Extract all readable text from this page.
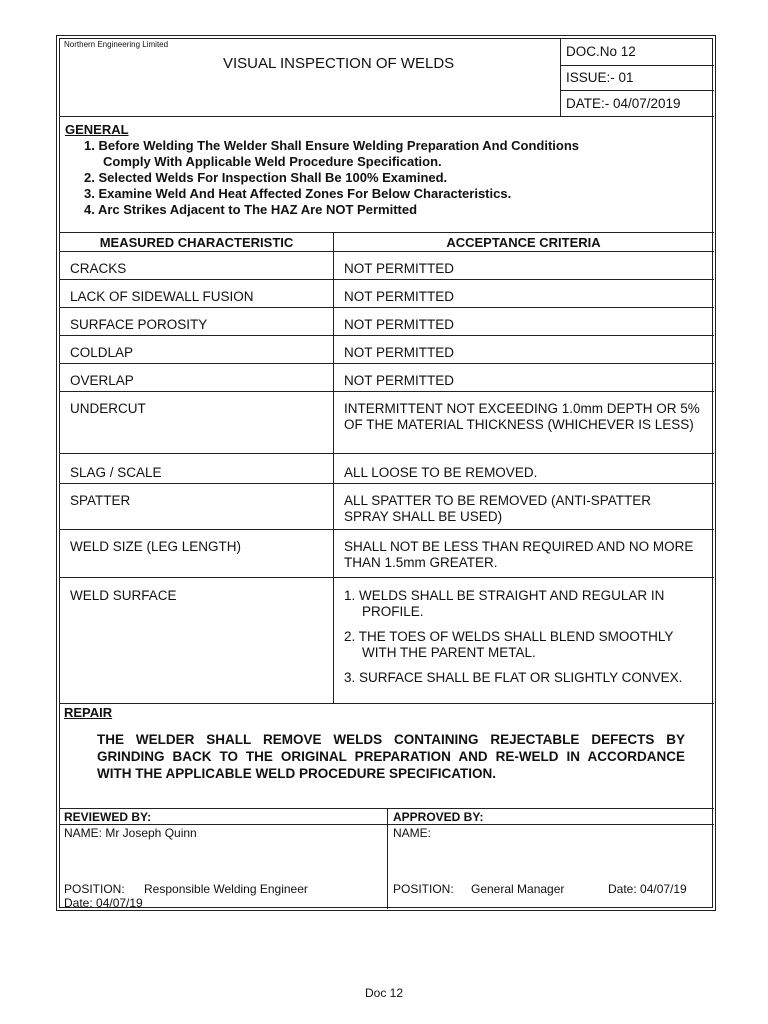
Northern Engineering Limited
VISUAL INSPECTION OF WELDS
DOC.No 12
ISSUE:- 01
DATE:- 04/07/2019
GENERAL
1. Before Welding The Welder Shall Ensure Welding Preparation And Conditions
Comply With Applicable Weld Procedure Specification.
2. Selected Welds For Inspection Shall Be 100% Examined.
3. Examine Weld And Heat Affected Zones For Below Characteristics.
4. Arc Strikes Adjacent to The HAZ Are NOT Permitted
MEASURED CHARACTERISTIC	ACCEPTANCE CRITERIA
CRACKS	NOT PERMITTED
LACK OF SIDEWALL FUSION	NOT PERMITTED
SURFACE POROSITY	NOT PERMITTED
COLDLAP	NOT PERMITTED
OVERLAP	NOT PERMITTED
UNDERCUT	INTERMITTENT NOT EXCEEDING 1.0mm DEPTH OR 5% OF THE MATERIAL THICKNESS (WHICHEVER IS LESS)
SLAG / SCALE	ALL LOOSE TO BE REMOVED.
SPATTER	ALL SPATTER TO BE REMOVED (ANTI-SPATTER SPRAY SHALL BE USED)
WELD SIZE (LEG LENGTH)	SHALL NOT BE LESS THAN REQUIRED AND NO MORE THAN 1.5mm GREATER.
WELD SURFACE	1. WELDS SHALL BE STRAIGHT AND REGULAR IN PROFILE.
2. THE TOES OF WELDS SHALL BLEND SMOOTHLY WITH THE PARENT METAL.
3. SURFACE SHALL BE FLAT OR SLIGHTLY CONVEX.
REPAIR
THE WELDER SHALL REMOVE WELDS CONTAINING REJECTABLE DEFECTS BY GRINDING BACK TO THE ORIGINAL PREPARATION AND RE-WELD IN ACCORDANCE WITH THE APPLICABLE WELD PROCEDURE SPECIFICATION.
REVIEWED BY:
NAME: Mr Joseph Quinn
POSITION: Responsible Welding Engineer
Date: 04/07/19
APPROVED BY:
NAME:
POSITION: General Manager	Date: 04/07/19
Doc 12
